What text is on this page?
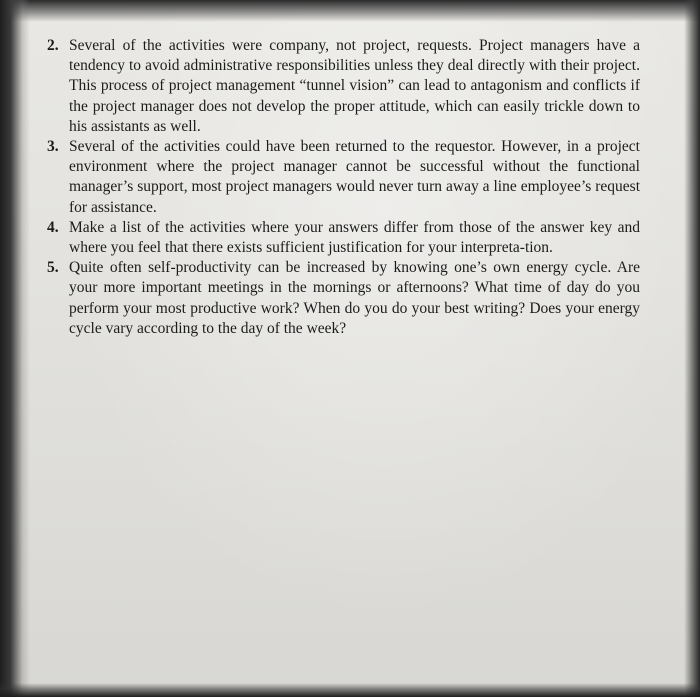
2. Several of the activities were company, not project, requests. Project managers have a tendency to avoid administrative responsibilities unless they deal directly with their project. This process of project management “tunnel vision” can lead to antagonism and conflicts if the project manager does not develop the proper attitude, which can easily trickle down to his assistants as well.
3. Several of the activities could have been returned to the requestor. However, in a project environment where the project manager cannot be successful without the functional manager’s support, most project managers would never turn away a line employee’s request for assistance.
4. Make a list of the activities where your answers differ from those of the answer key and where you feel that there exists sufficient justification for your interpreta-tion.
5. Quite often self-productivity can be increased by knowing one’s own energy cycle. Are your more important meetings in the mornings or afternoons? What time of day do you perform your most productive work? When do you do your best writing? Does your energy cycle vary according to the day of the week?
